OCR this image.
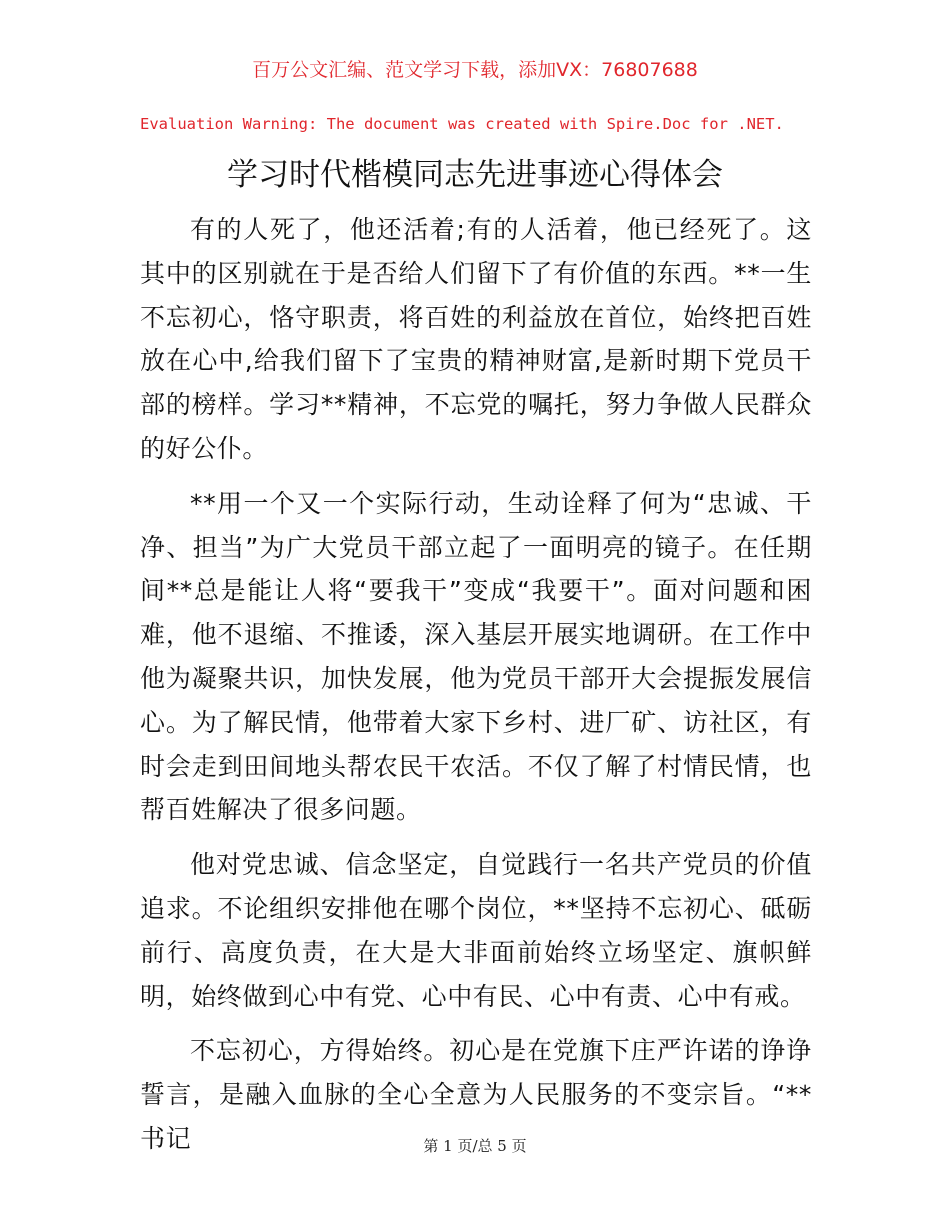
百万公文汇编、范文学习下载，添加VX：76807688
Evaluation Warning: The document was created with Spire.Doc for .NET.
学习时代楷模同志先进事迹心得体会

有的人死了，他还活着;有的人活着，他已经死了。这其中的区别就在于是否给人们留下了有价值的东西。**一生不忘初心，恪守职责，将百姓的利益放在首位，始终把百姓放在心中,给我们留下了宝贵的精神财富,是新时期下党员干部的榜样。学习**精神，不忘党的嘱托，努力争做人民群众的好公仆。

**用一个又一个实际行动，生动诠释了何为“忠诚、干净、担当”为广大党员干部立起了一面明亮的镜子。在任期间**总是能让人将“要我干”变成“我要干”。面对问题和困难，他不退缩、不推诿，深入基层开展实地调研。在工作中他为凝聚共识，加快发展，他为党员干部开大会提振发展信心。为了解民情，他带着大家下乡村、进厂矿、访社区，有时会走到田间地头帮农民干农活。不仅了解了村情民情，也帮百姓解决了很多问题。

他对党忠诚、信念坚定，自觉践行一名共产党员的价值追求。不论组织安排他在哪个岗位，**坚持不忘初心、砥砺前行、高度负责，在大是大非面前始终立场坚定、旗帜鲜明，始终做到心中有党、心中有民、心中有责、心中有戒。

不忘初心，方得始终。初心是在党旗下庄严许诺的诤诤誓言，是融入血脉的全心全意为人民服务的不变宗旨。“**书记	第 1 页/总 5 页
